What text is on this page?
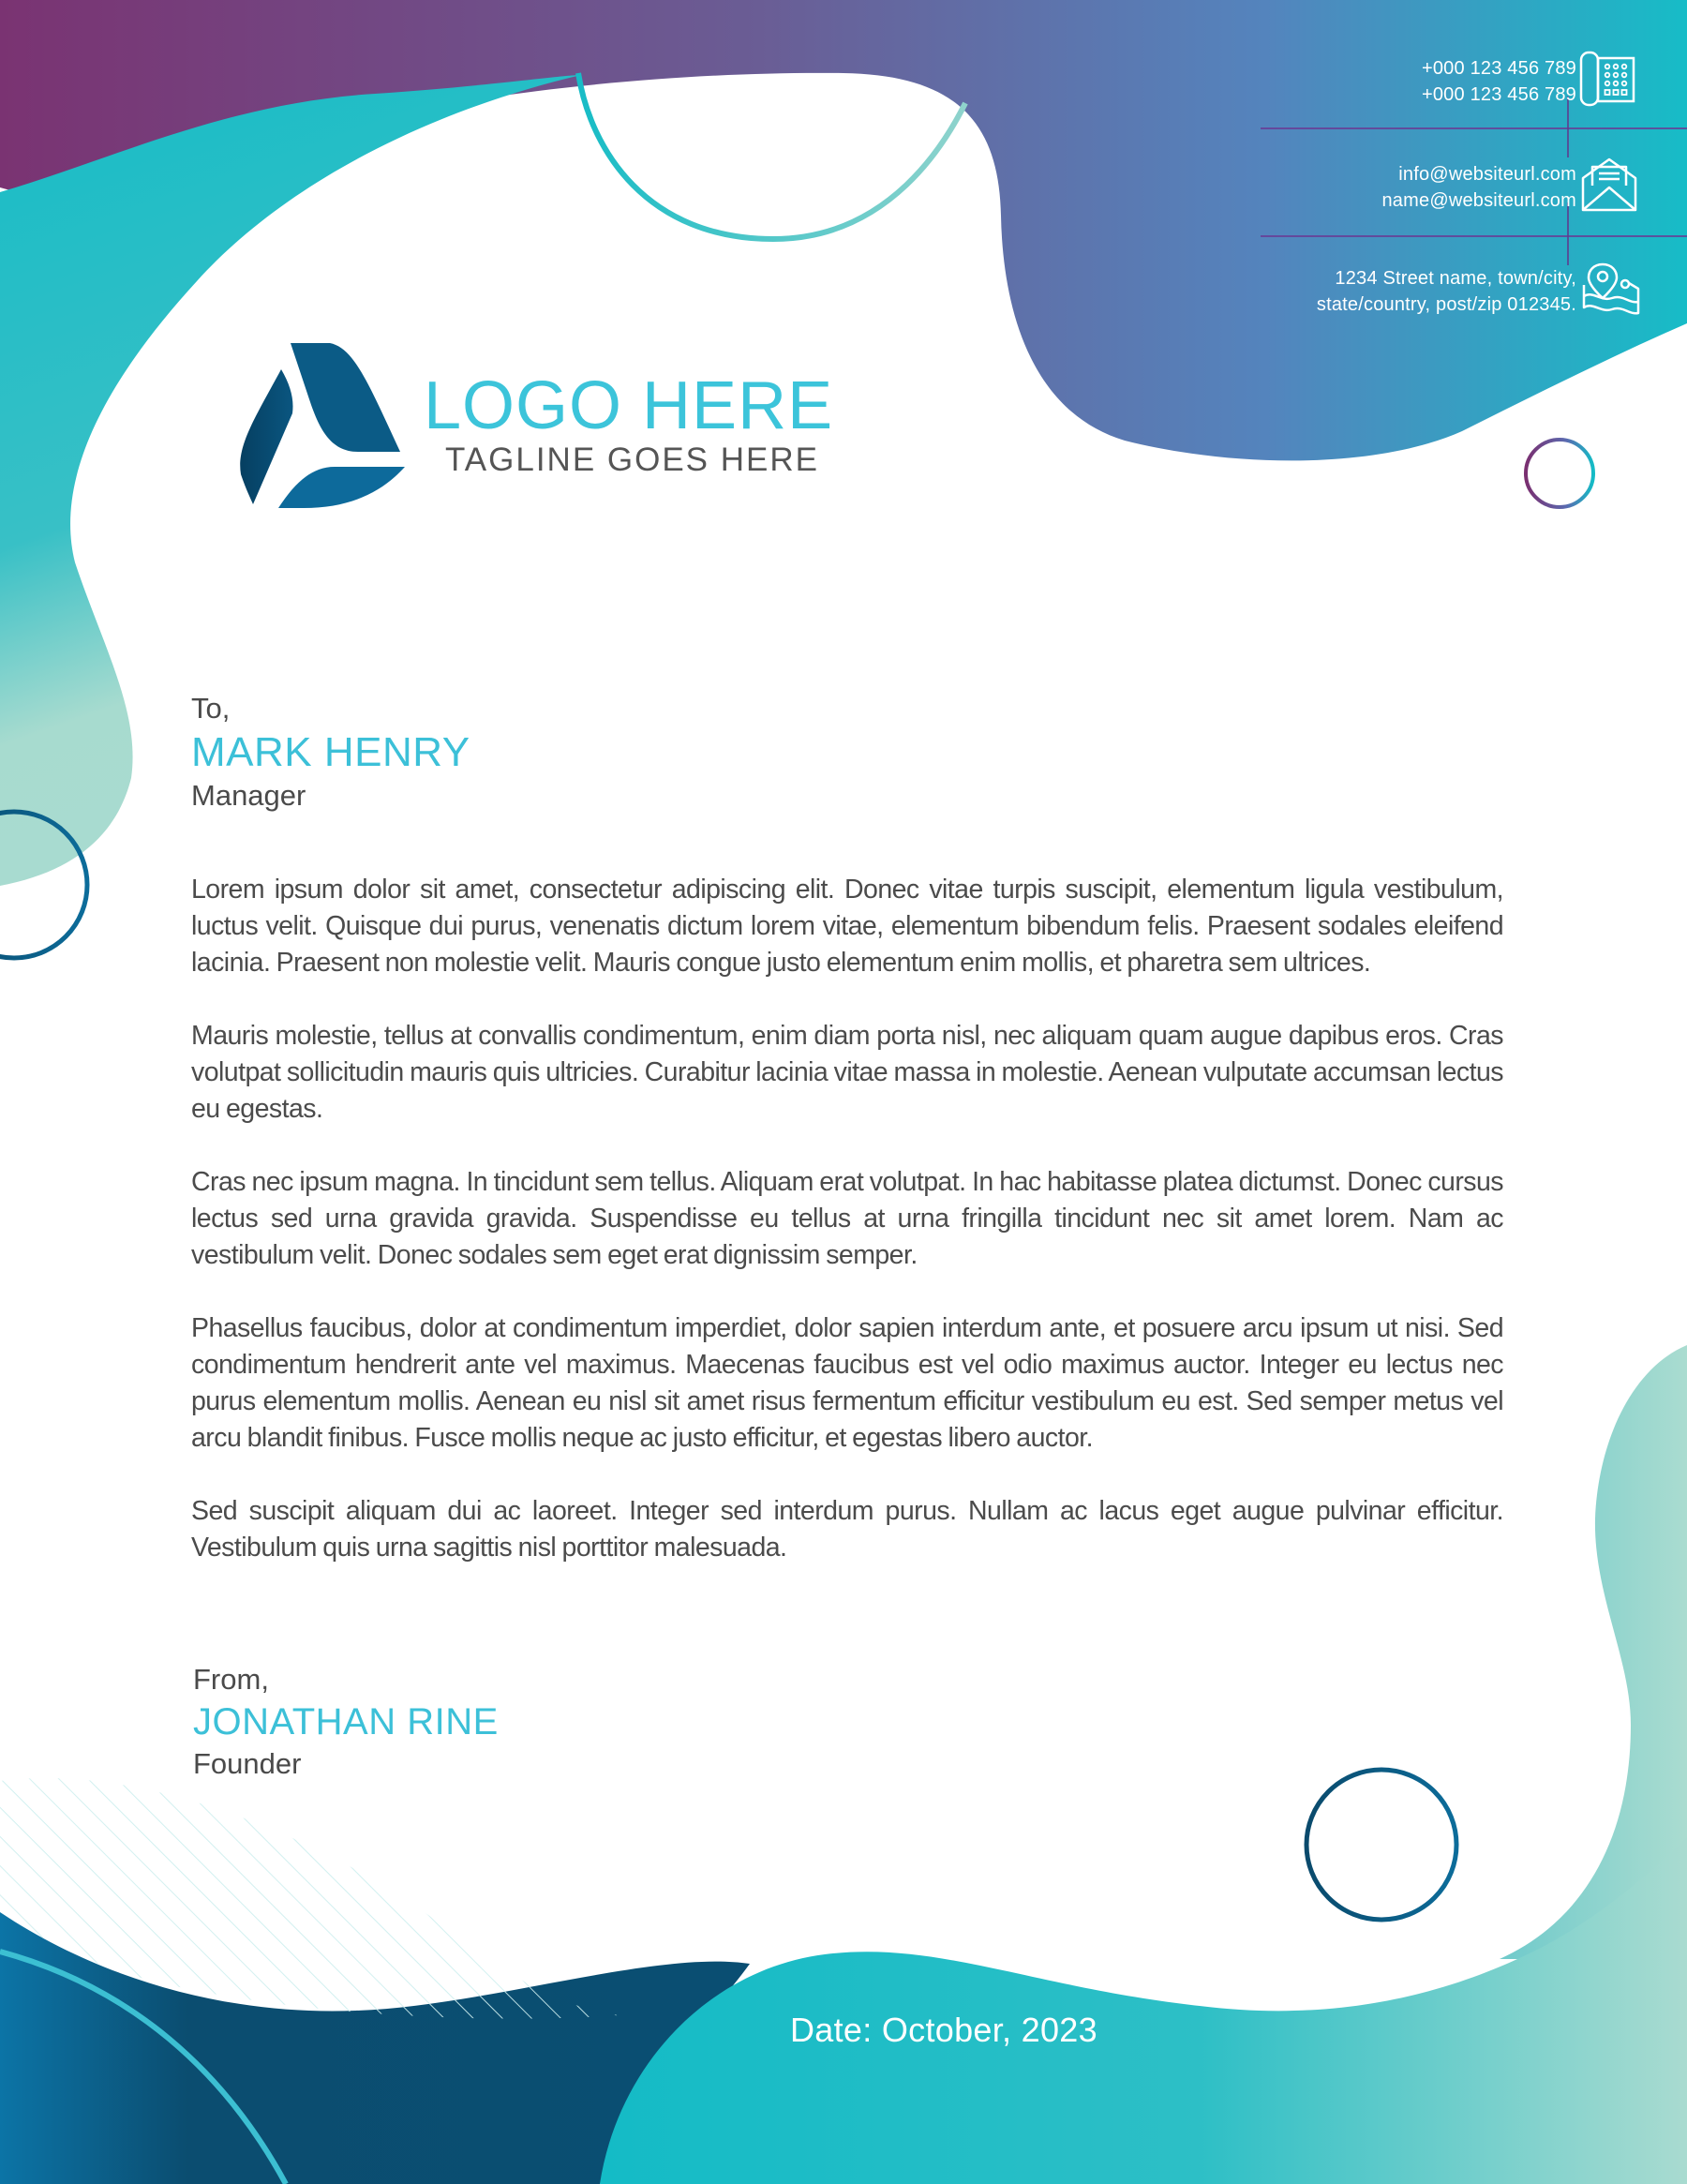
+000 123 456 789
+000 123 456 789
info@websiteurl.com
name@websiteurl.com
1234 Street name, town/city,
state/country, post/zip 012345.
LOGO HERE
TAGLINE GOES HERE
To,
MARK HENRY
Manager

Lorem ipsum dolor sit amet, consectetur adipiscing elit. Donec vitae turpis suscipit, elementum ligula vestibulum, luctus velit. Quisque dui purus, venenatis dictum lorem vitae, elementum bibendum felis. Praesent sodales eleifend lacinia. Praesent non molestie velit. Mauris congue justo elementum enim mollis, et pharetra sem ultrices.

Mauris molestie, tellus at convallis condimentum, enim diam porta nisl, nec aliquam quam augue dapibus eros. Cras volutpat sollicitudin mauris quis ultricies. Curabitur lacinia vitae massa in molestie. Aenean vulputate accumsan lectus eu egestas.

Cras nec ipsum magna. In tincidunt sem tellus. Aliquam erat volutpat. In hac habitasse platea dictumst. Donec cursus lectus sed urna gravida gravida. Suspendisse eu tellus at urna fringilla tincidunt nec sit amet lorem. Nam ac vestibulum velit. Donec sodales sem eget erat dignissim semper.

Phasellus faucibus, dolor at condimentum imperdiet, dolor sapien interdum ante, et posuere arcu ipsum ut nisi. Sed condimentum hendrerit ante vel maximus. Maecenas faucibus est vel odio maximus auctor. Integer eu lectus nec purus elementum mollis. Aenean eu nisl sit amet risus fermentum efficitur vestibulum eu est. Sed semper metus vel arcu blandit finibus. Fusce mollis neque ac justo efficitur, et egestas libero auctor.

Sed suscipit aliquam dui ac laoreet. Integer sed interdum purus. Nullam ac lacus eget augue pulvinar efficitur. Vestibulum quis urna sagittis nisl porttitor malesuada.

From,
JONATHAN RINE
Founder
Date: October, 2023
